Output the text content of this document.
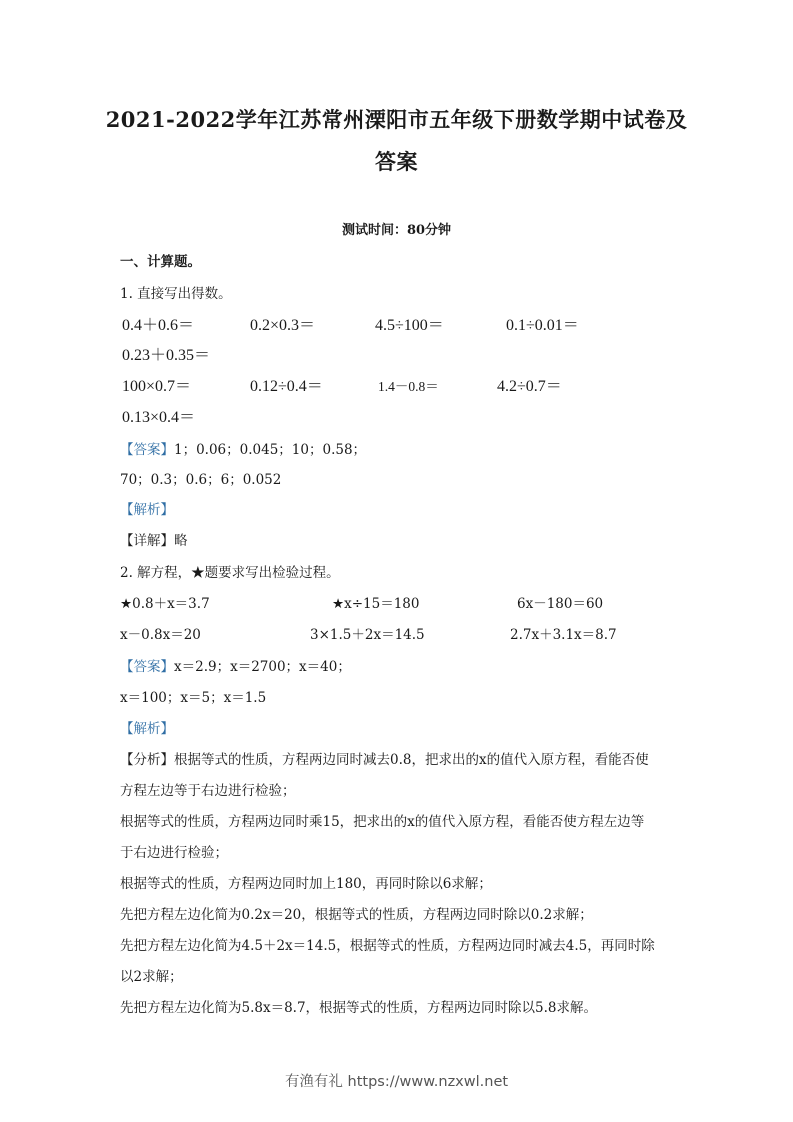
2021-2022学年江苏常州溧阳市五年级下册数学期中试卷及
答案
测试时间：80分钟
一、计算题。
1. 直接写出得数。
0.4＋0.6＝	0.2×0.3＝	4.5÷100＝	0.1÷0.01＝
0.23＋0.35＝
100×0.7＝	0.12÷0.4＝	1.4－0.8＝	4.2÷0.7＝
0.13×0.4＝
【答案】1；0.06；0.045；10；0.58；
70；0.3；0.6；6；0.052
【解析】
【详解】略
2. 解方程，★题要求写出检验过程。
★0.8＋x＝3.7	★x÷15＝180	6x－180＝60
x－0.8x＝20	3×1.5＋2x＝14.5	2.7x＋3.1x＝8.7
【答案】x＝2.9；x＝2700；x＝40；
x＝100；x＝5；x＝1.5
【解析】
【分析】根据等式的性质，方程两边同时减去0.8，把求出的x的值代入原方程，看能否使
方程左边等于右边进行检验；
根据等式的性质，方程两边同时乘15，把求出的x的值代入原方程，看能否使方程左边等
于右边进行检验；
根据等式的性质，方程两边同时加上180，再同时除以6求解；
先把方程左边化简为0.2x＝20，根据等式的性质，方程两边同时除以0.2求解；
先把方程左边化简为4.5＋2x＝14.5，根据等式的性质，方程两边同时减去4.5，再同时除
以2求解；
先把方程左边化简为5.8x＝8.7，根据等式的性质，方程两边同时除以5.8求解。
有渔有礼 https://www.nzxwl.net
